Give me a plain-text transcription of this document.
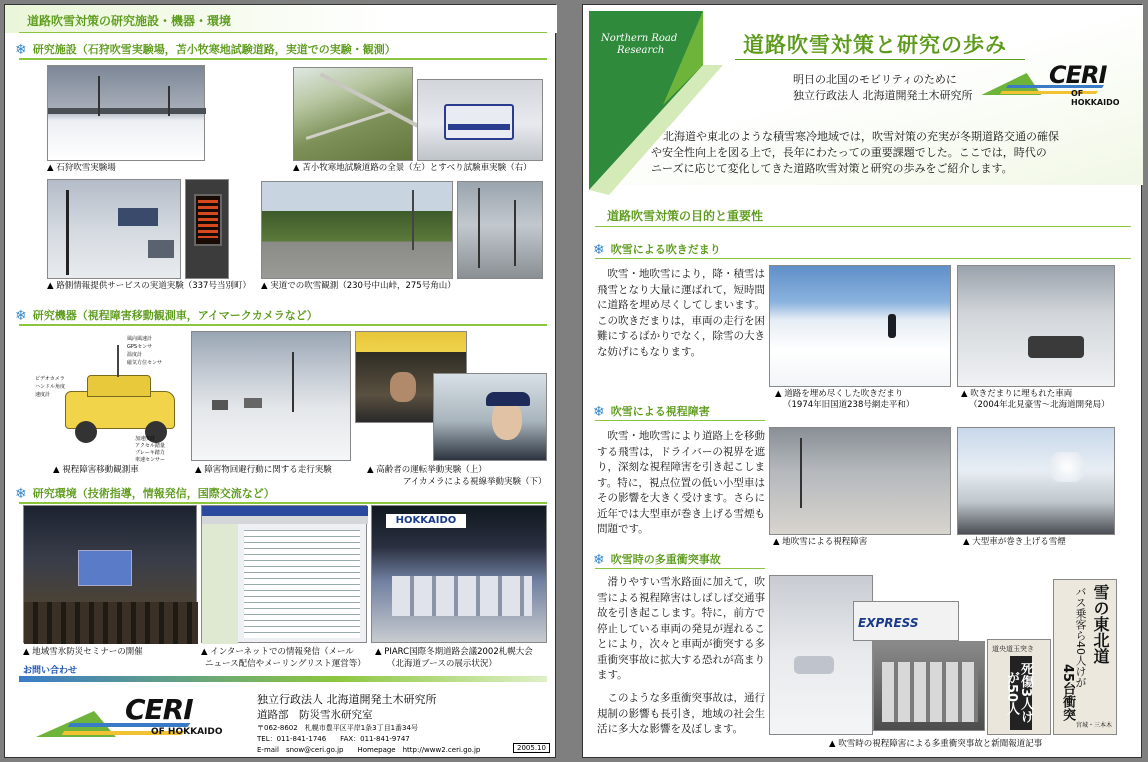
道路吹雪対策の研究施設・機器・環境
❄ 研究施設（石狩吹雪実験場，苫小牧寒地試験道路，実道での実験・観測）
▲ 石狩吹雪実験場	▲ 苫小牧寒地試験道路の全景（左）とすべり試験車実験（右）
▲ 路側情報提供サービスの実道実験（337号当別町） ▲ 実道での吹雪観測（230号中山峠，275号角山）
❄ 研究機器（視程障害移動観測車，アイマークカメラなど）
風向風速計
GPSセンサ
温度計
磁気方位センサ
ビデオカメラ
ハンドル角度
速度計
加速度計
アクセル踏量
ブレーキ踏力
車速センサー
▲ 視程障害移動観測車	▲ 障害物回避行動に関する走行実験	▲ 高齢者の運転挙動実験（上）
アイカメラによる視線挙動実験（下）
❄ 研究環境（技術指導，情報発信，国際交流など）
▲ 地域雪氷防災セミナーの開催	▲ インターネットでの情報発信（メール
ニュース配信やメーリングリスト運営等）
HOKKAIDO
▲ PIARC国際冬期道路会議2002札幌大会
（北海道ブースの展示状況）
お問い合わせ
CERI
OF HOKKAIDO
独立行政法人 北海道開発土木研究所
道路部　防災雪氷研究室
〒062-8602　札幌市豊平区平岸1条3丁目1番34号
TEL：011-841-1746　　FAX：011-841-9747
E-mail　snow@ceri.go.jp　　Homepage　http://www2.ceri.go.jp	2005.10
Northern Road
Research	道路吹雪対策と研究の歩み
明日の北国のモビリティのために
独立行政法人 北海道開発土木研究所
CERI
OF HOKKAIDO
北海道や東北のような積雪寒冷地域では，吹雪対策の充実が冬期道路交通の確保
や安全性向上を図る上で，長年にわたっての重要課題でした。ここでは，時代の
ニーズに応じて変化してきた道路吹雪対策と研究の歩みをご紹介します。
道路吹雪対策の目的と重要性
❄ 吹雪による吹きだまり
　吹雪・地吹雪により，降・積雪は飛雪となり大量に運ばれて，短時間に道路を埋め尽くしてしまいます。この吹きだまりは，車両の走行を困難にするばかりでなく，除雪の大きな妨げにもなります。
▲ 道路を埋め尽くした吹きだまり
（1974年旧国道238号網走平和）
▲ 吹きだまりに埋もれた車両
（2004年北見豪雪～北海道開発局）
❄ 吹雪による視程障害
　吹雪・地吹雪により道路上を移動する飛雪は，ドライバーの視界を遮り，深刻な視程障害を引き起こします。特に，視点位置の低い小型車はその影響を大きく受けます。さらに近年では大型車が巻き上げる雪煙も問題です。
▲ 地吹雪による視程障害	▲ 大型車が巻き上げる雪煙
❄ 吹雪時の多重衝突事故
　滑りやすい雪氷路面に加えて，吹雪による視程障害はしばしば交通事故を引き起こします。特に，前方で停止している車両の発見が遅れることにより，次々と車両が衝突する多重衝突事故に拡大する恐れが高まります。
　このような多重衝突事故は，通行規制の影響も長引き，地域の社会生活に多大な影響を及ぼします。
EXPRESS
道央道玉突き
死傷3人けが50人
雪の東北道
バス乗客ら40人けが
45台衝突
宮城・三本木
▲ 吹雪時の視程障害による多重衝突事故と新聞報道記事
